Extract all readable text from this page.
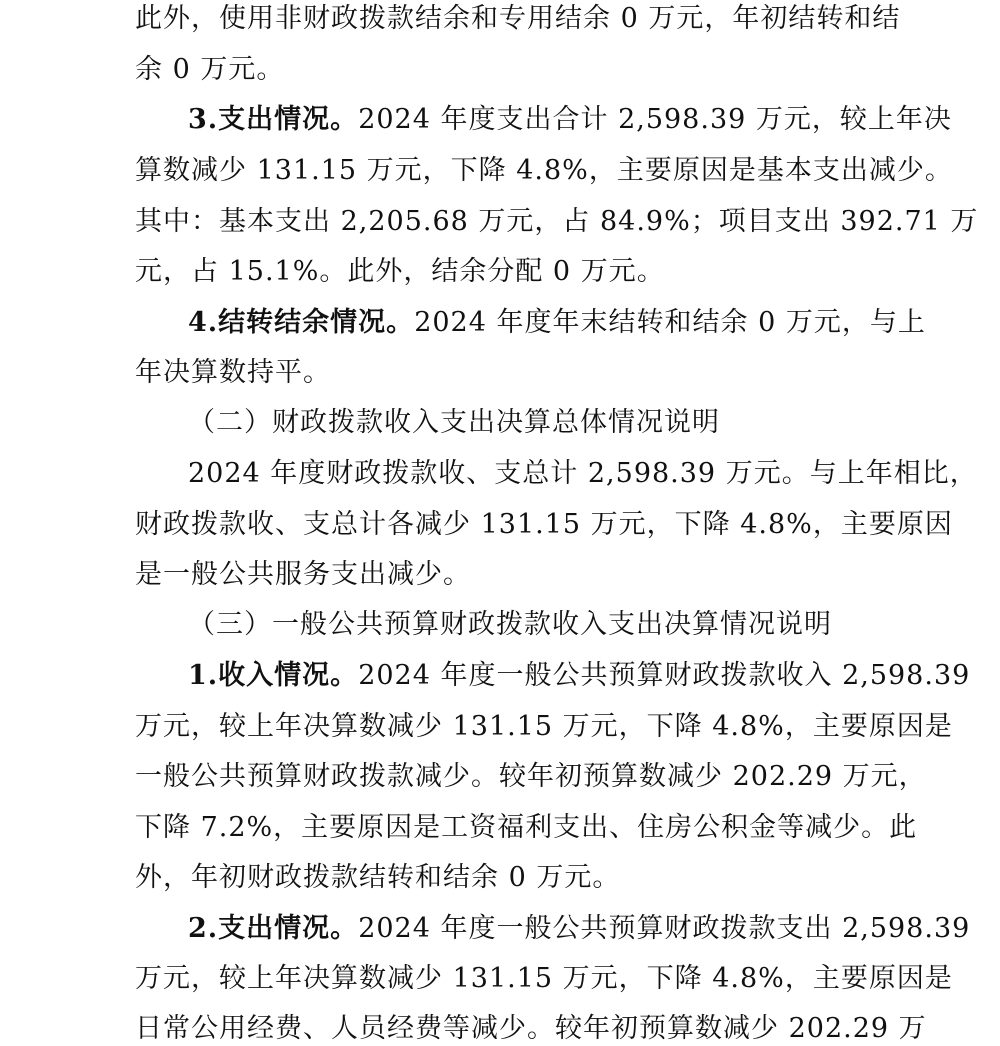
此外，使用非财政拨款结余和专用结余 0 万元，年初结转和结
余 0 万元。
3.支出情况。2024 年度支出合计 2,598.39 万元，较上年决
算数减少 131.15 万元，下降 4.8%，主要原因是基本支出减少。
其中：基本支出 2,205.68 万元，占 84.9%；项目支出 392.71 万
元，占 15.1%。此外，结余分配 0 万元。
4.结转结余情况。2024 年度年末结转和结余 0 万元，与上
年决算数持平。
（二）财政拨款收入支出决算总体情况说明
2024 年度财政拨款收、支总计 2,598.39 万元。与上年相比，
财政拨款收、支总计各减少 131.15 万元，下降 4.8%，主要原因
是一般公共服务支出减少。
（三）一般公共预算财政拨款收入支出决算情况说明
1.收入情况。2024 年度一般公共预算财政拨款收入 2,598.39
万元，较上年决算数减少 131.15 万元，下降 4.8%，主要原因是
一般公共预算财政拨款减少。较年初预算数减少 202.29 万元，
下降 7.2%，主要原因是工资福利支出、住房公积金等减少。此
外，年初财政拨款结转和结余 0 万元。
2.支出情况。2024 年度一般公共预算财政拨款支出 2,598.39
万元，较上年决算数减少 131.15 万元，下降 4.8%，主要原因是
日常公用经费、人员经费等减少。较年初预算数减少 202.29 万
